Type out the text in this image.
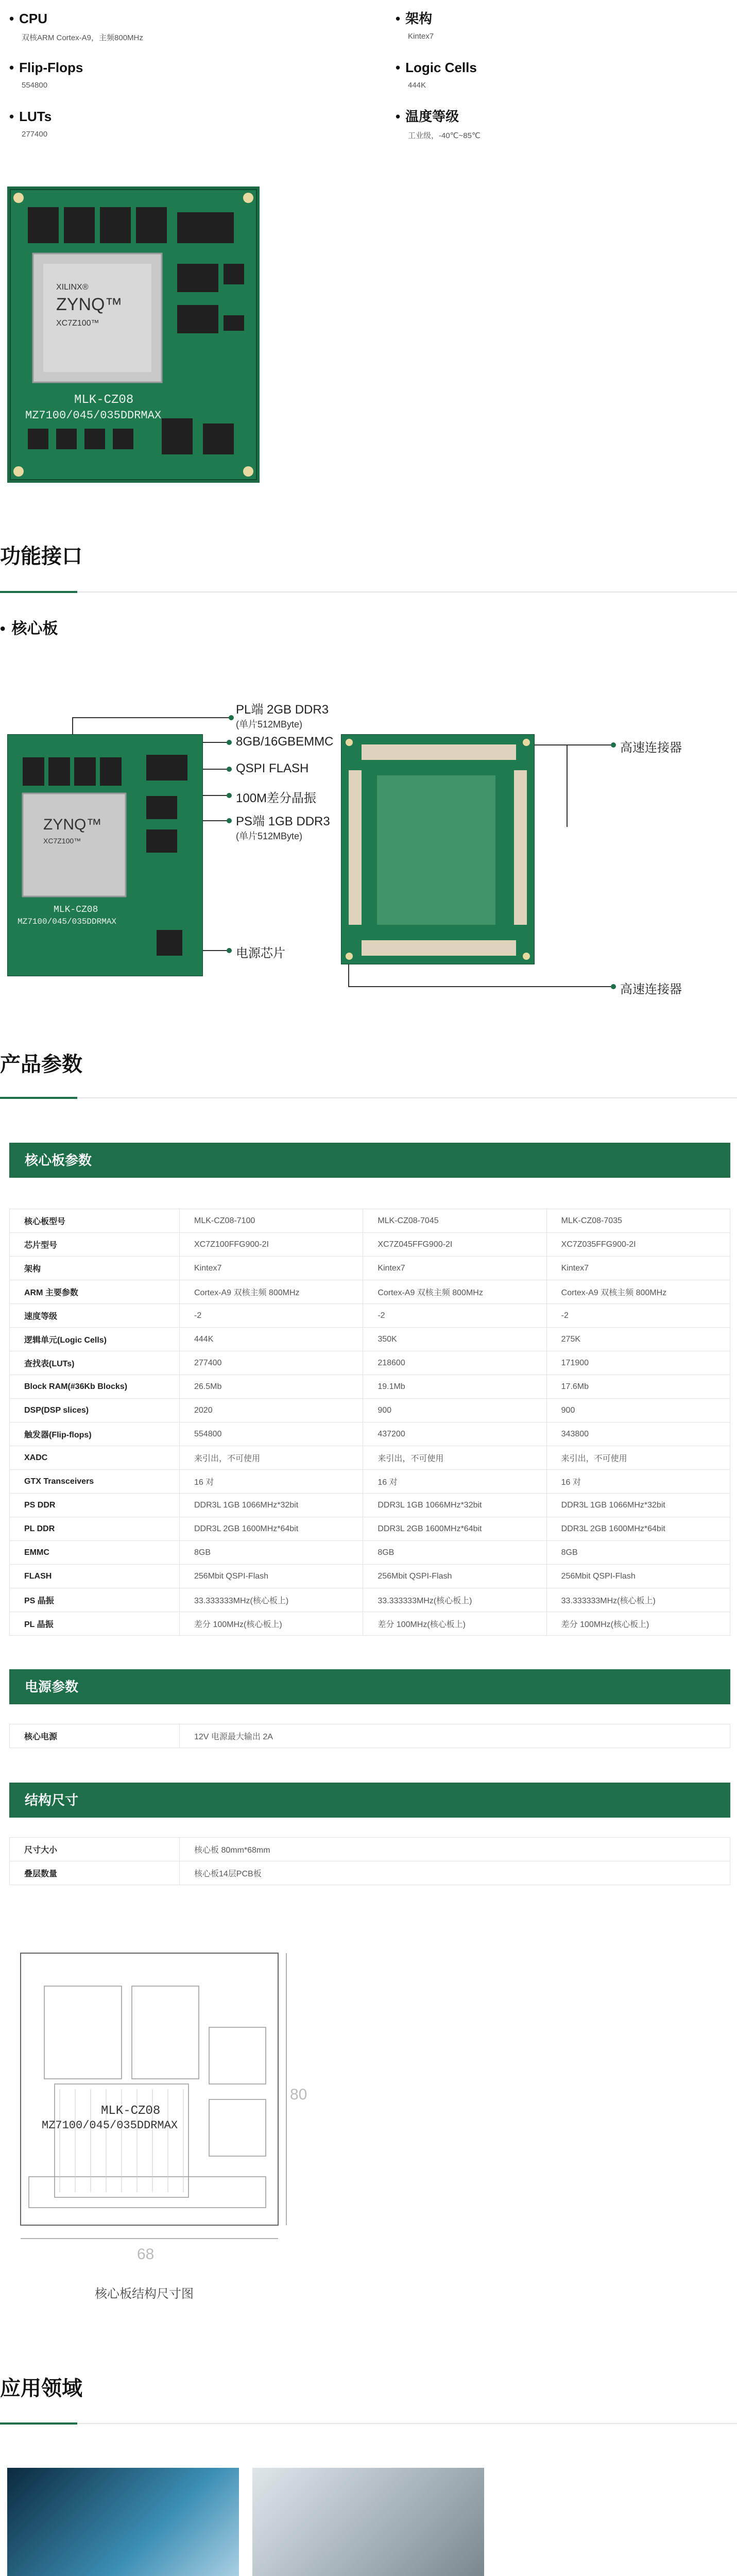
• CPU
双核ARM Cortex-A9，主频800MHz
• 架构
Kintex7
• Flip-Flops
554800
• Logic Cells
444K
• LUTs
277400
• 温度等级
工业级，-40℃~85℃
XILINX®
ZYNQ™
XC7Z100™
MLK-CZ08
MZ7100/045/035DDRMAX
功能接口
• 核心板
ZYNQ™
XC7Z100™
MLK-CZ08
MZ7100/045/035DDRMAX
PL端 2GB DDR3
(单片512MByte)
8GB/16GBEMMC
QSPI FLASH
100M差分晶振
PS端 1GB DDR3
(单片512MByte)
电源芯片
高速连接器
高速连接器
产品参数
核心板参数
核心板型号	MLK-CZ08-7100	MLK-CZ08-7045	MLK-CZ08-7035
芯片型号	XC7Z100FFG900-2I	XC7Z045FFG900-2I	XC7Z035FFG900-2I
架构	Kintex7	Kintex7	Kintex7
ARM 主要参数	Cortex-A9 双核主频 800MHz	Cortex-A9 双核主频 800MHz	Cortex-A9 双核主频 800MHz
速度等级	-2	-2	-2
逻辑单元(Logic Cells)	444K	350K	275K
查找表(LUTs)	277400	218600	171900
Block RAM(#36Kb Blocks)	26.5Mb	19.1Mb	17.6Mb
DSP(DSP slices)	2020	900	900
触发器(Flip-flops)	554800	437200	343800
XADC	来引出，不可使用	来引出，不可使用	来引出，不可使用
GTX Transceivers	16 对	16 对	16 对
PS DDR	DDR3L 1GB 1066MHz*32bit	DDR3L 1GB 1066MHz*32bit	DDR3L 1GB 1066MHz*32bit
PL DDR	DDR3L 2GB 1600MHz*64bit	DDR3L 2GB 1600MHz*64bit	DDR3L 2GB 1600MHz*64bit
EMMC	8GB	8GB	8GB
FLASH	256Mbit QSPI-Flash	256Mbit QSPI-Flash	256Mbit QSPI-Flash
PS 晶振	33.333333MHz(核心板上)	33.333333MHz(核心板上)	33.333333MHz(核心板上)
PL 晶振	差分 100MHz(核心板上)	差分 100MHz(核心板上)	差分 100MHz(核心板上)
电源参数
核心电源	12V 电源最大输出 2A
结构尺寸
尺寸大小	核心板 80mm*68mm
叠层数量	核心板14层PCB板
MLK-CZ08
MZ7100/045/035DDRMAX
80
68
核心板结构尺寸图
应用领域
